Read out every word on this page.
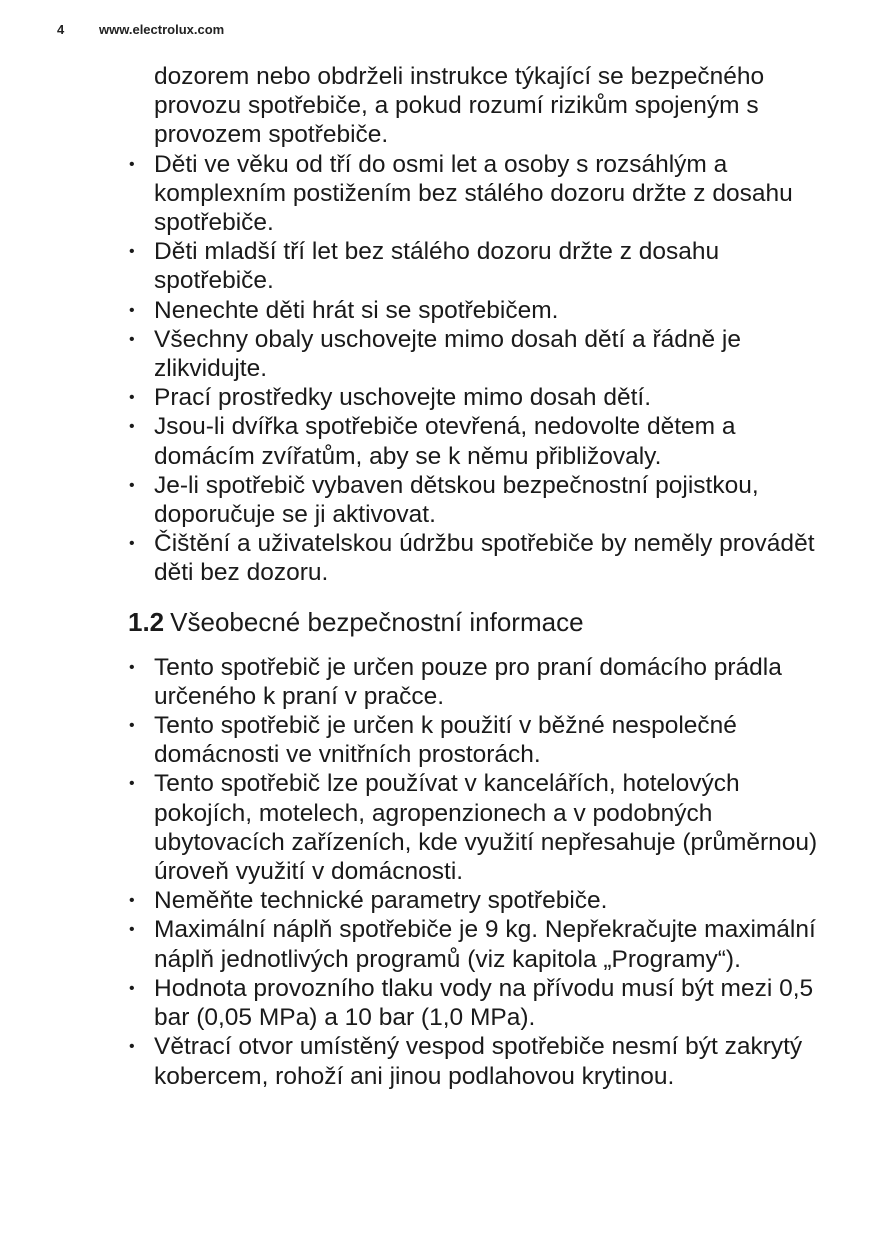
4	www.electrolux.com

dozorem nebo obdrželi instrukce týkající se bezpečného provozu spotřebiče, a pokud rozumí rizikům spojeným s provozem spotřebiče.

• Děti ve věku od tří do osmi let a osoby s rozsáhlým a komplexním postižením bez stálého dozoru držte z dosahu spotřebiče.
• Děti mladší tří let bez stálého dozoru držte z dosahu spotřebiče.
• Nenechte děti hrát si se spotřebičem.
• Všechny obaly uschovejte mimo dosah dětí a řádně je zlikvidujte.
• Prací prostředky uschovejte mimo dosah dětí.
• Jsou-li dvířka spotřebiče otevřená, nedovolte dětem a domácím zvířatům, aby se k němu přibližovaly.
• Je-li spotřebič vybaven dětskou bezpečnostní pojistkou, doporučuje se ji aktivovat.
• Čištění a uživatelskou údržbu spotřebiče by neměly provádět děti bez dozoru.
1.2 Všeobecné bezpečnostní informace
• Tento spotřebič je určen pouze pro praní domácího prádla určeného k praní v pračce.
• Tento spotřebič je určen k použití v běžné nespolečné domácnosti ve vnitřních prostorách.
• Tento spotřebič lze používat v kancelářích, hotelových pokojích, motelech, agropenzionech a v podobných ubytovacích zařízeních, kde využití nepřesahuje (průměrnou) úroveň využití v domácnosti.
• Neměňte technické parametry spotřebiče.
• Maximální náplň spotřebiče je 9 kg. Nepřekračujte maximální náplň jednotlivých programů (viz kapitola „Programy“).
• Hodnota provozního tlaku vody na přívodu musí být mezi 0,5 bar (0,05 MPa) a 10 bar (1,0 MPa).
• Větrací otvor umístěný vespod spotřebiče nesmí být zakrytý kobercem, rohoží ani jinou podlahovou krytinou.
